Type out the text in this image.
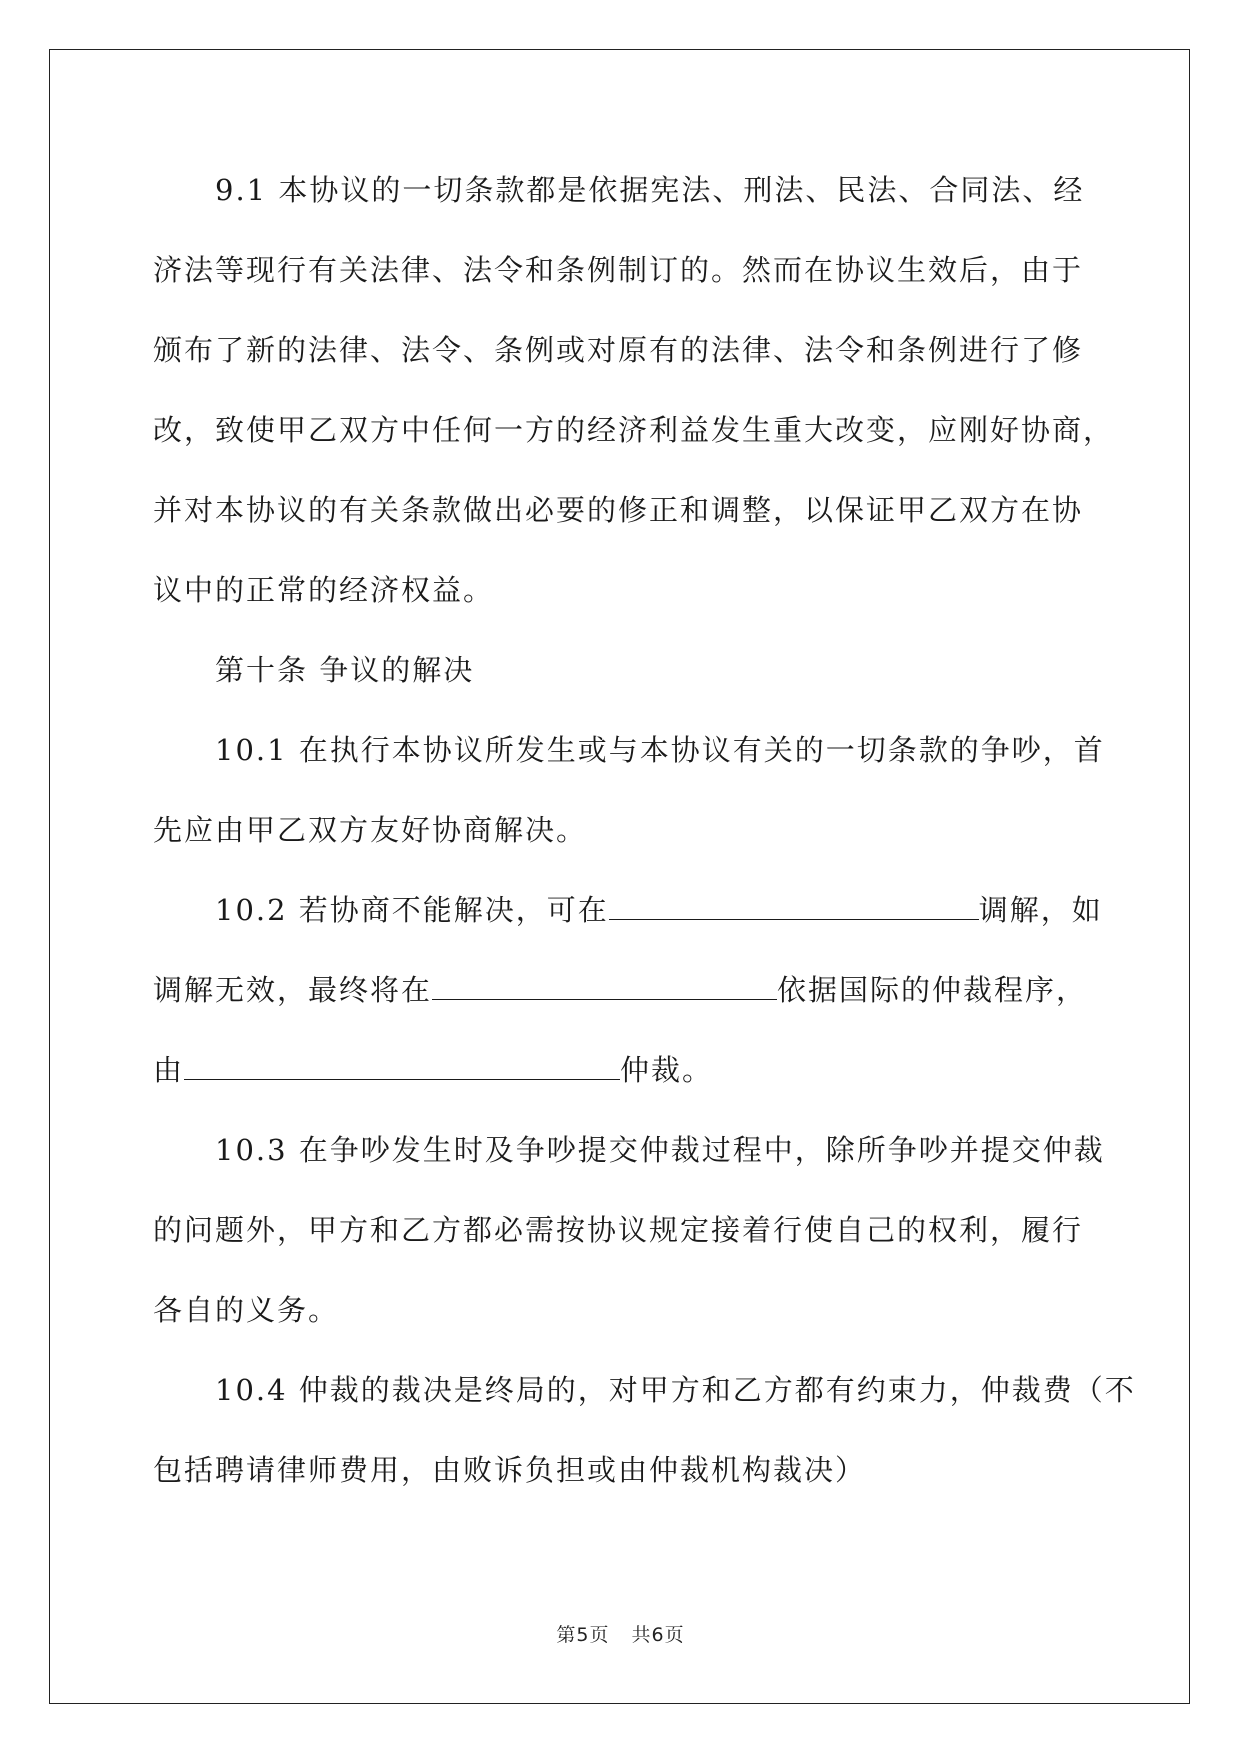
9.1 本协议的一切条款都是依据宪法、刑法、民法、合同法、经
济法等现行有关法律、法令和条例制订的。然而在协议生效后，由于
颁布了新的法律、法令、条例或对原有的法律、法令和条例进行了修
改，致使甲乙双方中任何一方的经济利益发生重大改变，应刚好协商，
并对本协议的有关条款做出必要的修正和调整，以保证甲乙双方在协
议中的正常的经济权益。

第十条 争议的解决

10.1 在执行本协议所发生或与本协议有关的一切条款的争吵，首
先应由甲乙双方友好协商解决。

10.2 若协商不能解决，可在	调解，如
调解无效，最终将在	依据国际的仲裁程序，
由	仲裁。

10.3 在争吵发生时及争吵提交仲裁过程中，除所争吵并提交仲裁
的问题外，甲方和乙方都必需按协议规定接着行使自己的权利，履行
各自的义务。

10.4 仲裁的裁决是终局的，对甲方和乙方都有约束力，仲裁费（不
包括聘请律师费用，由败诉负担或由仲裁机构裁决）

第5页 共6页
